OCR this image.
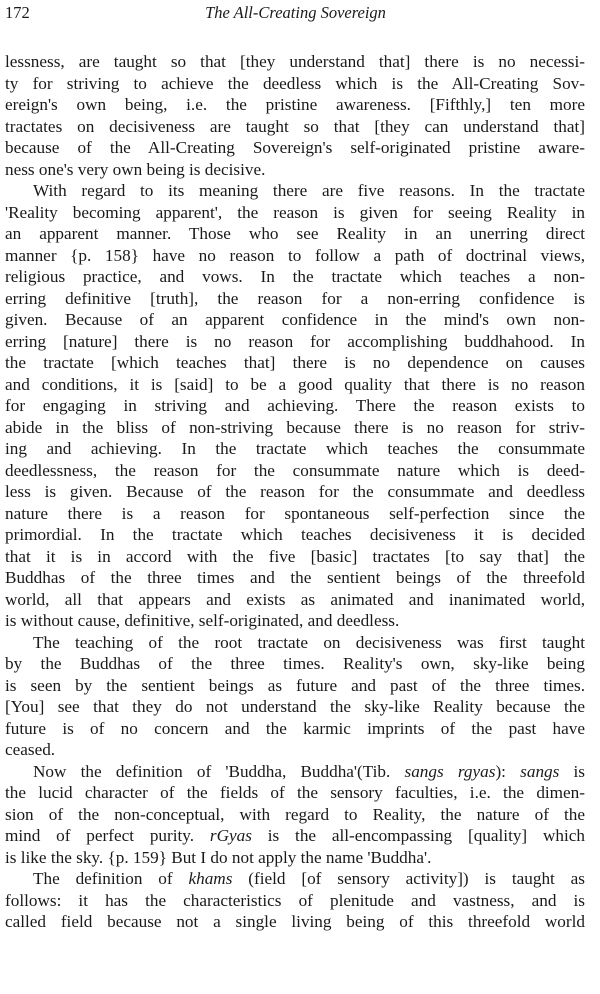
172	The All-Creating Sovereign
lessness, are taught so that [they understand that] there is no necessi-
ty for striving to achieve the deedless which is the All-Creating Sov-
ereign's own being, i.e. the pristine awareness. [Fifthly,] ten more
tractates on decisiveness are taught so that [they can understand that]
because of the All-Creating Sovereign's self-originated pristine aware-
ness one's very own being is decisive.
With regard to its meaning there are five reasons. In the tractate
'Reality becoming apparent', the reason is given for seeing Reality in
an apparent manner. Those who see Reality in an unerring direct
manner {p. 158} have no reason to follow a path of doctrinal views,
religious practice, and vows. In the tractate which teaches a non-
erring definitive [truth], the reason for a non-erring confidence is
given. Because of an apparent confidence in the mind's own non-
erring [nature] there is no reason for accomplishing buddhahood. In
the tractate [which teaches that] there is no dependence on causes
and conditions, it is [said] to be a good quality that there is no reason
for engaging in striving and achieving. There the reason exists to
abide in the bliss of non-striving because there is no reason for striv-
ing and achieving. In the tractate which teaches the consummate
deedlessness, the reason for the consummate nature which is deed-
less is given. Because of the reason for the consummate and deedless
nature there is a reason for spontaneous self-perfection since the
primordial. In the tractate which teaches decisiveness it is decided
that it is in accord with the five [basic] tractates [to say that] the
Buddhas of the three times and the sentient beings of the threefold
world, all that appears and exists as animated and inanimated world,
is without cause, definitive, self-originated, and deedless.
The teaching of the root tractate on decisiveness was first taught
by the Buddhas of the three times. Reality's own, sky-like being
is seen by the sentient beings as future and past of the three times.
[You] see that they do not understand the sky-like Reality because the
future is of no concern and the karmic imprints of the past have
ceased.
Now the definition of 'Buddha, Buddha'(Tib. sangs rgyas): sangs is
the lucid character of the fields of the sensory faculties, i.e. the dimen-
sion of the non-conceptual, with regard to Reality, the nature of the
mind of perfect purity. rGyas is the all-encompassing [quality] which
is like the sky. {p. 159} But I do not apply the name 'Buddha'.
The definition of khams (field [of sensory activity]) is taught as
follows: it has the characteristics of plenitude and vastness, and is
called field because not a single living being of this threefold world
